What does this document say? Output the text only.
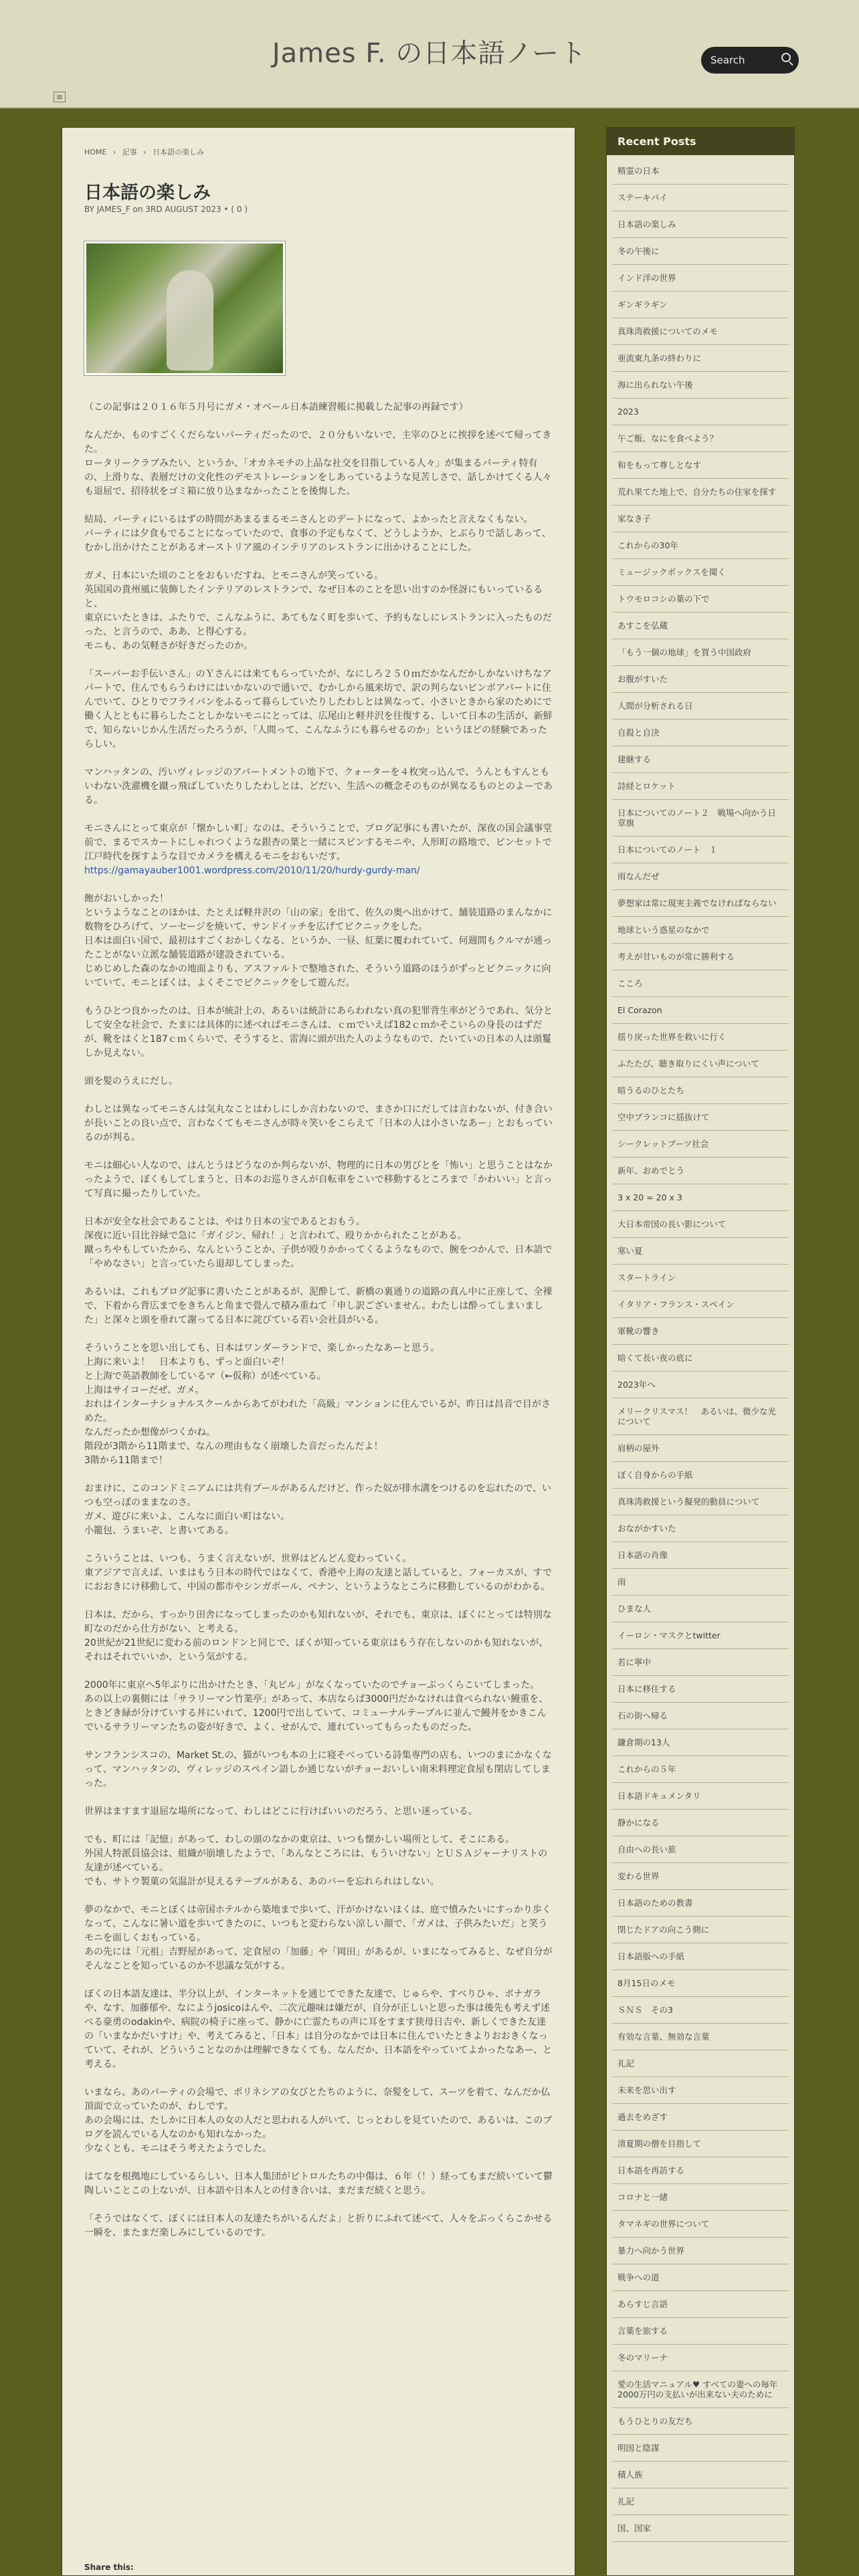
James F. の日本語ノート	Search
≡
HOME › 記事 › 日本語の楽しみ
日本語の楽しみ
BY JAMES_F on 3RD AUGUST 2023 • ( 0 )

（この記事は２０１６年５月号にガメ・オベール日本語練習帳に掲載した記事の再録です）

なんだか、ものすごくくだらないパーティだったので、２０分もいないで、主宰のひとに挨拶を述べて帰ってきた。
ロータリークラブみたい、というか、「オカネモチの上品な社交を目指している人々」が集まるパーティ特有の、上滑りな、表層だけの文化性のデモストレーションをしあっているような見苦しさで、話しかけてくる人々も退屈で、招待状をゴミ箱に放り込まなかったことを後悔した。

結局、パーティにいるはずの時間があまるまるモニさんとのデートになって、よかったと言えなくもない。
パーティには夕食もでることになっていたので、食事の予定もなくて、どうしようか、とぶらりで話しあって、むかし出かけたことがあるオーストリア風のインテリアのレストランに出かけることにした。

ガメ、日本にいた頃のことをおもいだすね、とモニさんが笑っている。
英国国の貴州風に装飾したインテリアのレストランで、なぜ日本のことを思い出すのか怪訝にもいっているると、
東京にいたときは、ふたりで、こんなふうに、あてもなく町を歩いて、予約もなしにレストランに入ったものだった、と言うので、ああ、と得心する。
モニも、あの気軽さが好きだったのか。

「スーパーお手伝いさん」のＹさんには来てもらっていたが、なにしろ２５０ｍだかなんだかしかないけちなアパートで、住んでもらうわけにはいかないので通いで、むかしから風来坊で、訳の判らないビンボアパートに住んでいて、ひとりでフライパンをふるって暮らしていたりしたわしとは異なって、小さいときから家のためにで働く人とともに暮らしたことしかないモニにとっては、広尾山と軽井沢を往復する、しいて日本の生活が、新鮮で、知らないじかん生活だったろうが、「人間って、こんなふうにも暮らせるのか」というほどの経験であったらしい。

マンハッタンの、汚いヴィレッジのアパートメントの地下で、クォーターを４枚突っ込んで、うんともすんともいわない洗濯機を蹴っ飛ばしていたりしたわしとは、どだい、生活への概念そのものが異なるものとのよーである。

モニさんにとって東京が「懐かしい町」なのは、そういうことで、ブログ記事にも書いたが、深夜の国会議事堂前で、まるでスカートにしゃれつくような銀杏の葉と一緒にスピンするモニや、人形町の路地で、ピンセットで江戸時代を探すような目でカメラを構えるモニをおもいだす。
https://gamayauber1001.wordpress.com/2010/11/20/hurdy-gurdy-man/

飽がおいしかった！
というようなことのほかは、たとえば軽井沢の「山の家」を出て、佐久の奥へ出かけて、舗装道路のまんなかに数物をひろげて、ソーセージを焼いて、サンドイッチを広げてピクニックをした。
日本は面白い国で、最初はすごくおかしくなる、というか、一昼、紅葉に覆われていて、何週間もクルマが通ったことがない立派な舗装道路が建設されている。
じめじめした森のなかの地面よりも、アスファルトで整地された、そういう道路のほうがずっとピクニックに向いていて、モニとぼくは、よくそこでピクニックをして遊んだ。

もうひとつ良かったのは、日本が統計上の、あるいは統計にあらわれない真の犯罪背生率がどうであれ、気分として安全な社会で、たまには具体的に述べればモニさんは、ｃｍでいえば182ｃｍかそこいらの身長のはずだが、靴をはくと187ｃｍくらいで、そうすると、雷海に頭が出た人のようなもので、たいていの日本の人は頭鬘しか見えない。

頭を髪のうえにだし。

わしとは異なってモニさんは気丸なことはわしにしか言わないので、まさか口にだしては言わないが、付き合いが長いことの良い点で、言わなくてもモニさんが時々笑いをこらえて「日本の人は小さいなあー」とおもっているのが判る。

モニは細心い人なので、はんとうはどうなのか判らないが、物理的に日本の男びとを「怖い」と思うことはなかったようで、ぼくもしてしまうと、日本のお巡りさんが自転車をこいで移動するところまで「かわいい」と言って写真に撮ったりしていた。

日本が安全な社会であることは、やはり日本の宝であるとおもう。
深夜に近い目比谷緑で急に「ガイジン、帰れ！」と言われて、殴りかかられたことがある。
蹴っちやもしていたから、なんということか、子供が殴りかかってくるようなもので、腕をつかんで、日本語で「やめなさい」と言っていたら退却してしまった。

あるいは、これもブログ記事に書いたことがあるが、泥酔して、新橋の裏通りの道路の真ん中に正座して、全裸で、下着から背広までをきちんと角まで畳んで積み重ねて「申し訳ございません。わたしは酔ってしまいました」と深々と頭を垂れて謝ってる日本に詫びている若い会社員がいる。

そういうことを思い出しても、日本はワンダーランドで、楽しかったなあーと思う。
上海に来いよ！　日本よりも、ずっと面白いぞ！
と上海で英語教師をしているマ（←仮称）が述べている。
上海はサイコーだぜ、ガメ。
おれはインターナショナルスクールからあてがわれた「高級」マンションに住んでいるが、昨日は昌音で目がさめた。
なんだったか想像がつくかね。
階段が3階から11階まで、なんの理由もなく崩壊した音だったんだよ！
3階から11階まで！

おまけに、このコンドミニアムには共有プールがあるんだけど、作った奴が排水溝をつけるのを忘れたので、いつも空っぽのままなのさ。
ガメ、遊びに来いよ、こんなに面白い町はない。
小籠包、うまいぞ、と書いてある。

こういうことは、いつも、うまく言えないが、世界はどんどん変わっていく。
東アジアで言えば、いまはもう日本の時代ではなくて、香港や上海の友達と話していると、フォーカスが、すでにおおきにけ移動して、中国の都市やシンガポール、ペナン、というようなところに移動しているのがわかる。

日本は、だから、すっかり田舎になってしまったのかも知れないが、それでも、東京は、ぼくにとっては特別な町なのだから仕方がない、と考える。
20世紀が21世紀に変わる前のロンドンと同じで、ぼくが知っている東京はもう存在しないのかも知れないが、それはそれでいいか、という気がする。

2000年に東京へ5年ぶりに出かけたとき、「丸ビル」がなくなっていたのでチョーぶっくらこいてしまった。
あの以上の裏側には「サラリーマン竹業亭」があって、本店ならば3000円だかなけれは食べられない鰻重を、ときどき緑が分けていする丼にいれて、1200円で出していて、コミューナルテーブルに並んで鰻丼をかきこんでいるサラリーマンたちの姿が好きで、よく、せがんで、連れていってもらったものだった。

サンフランシスコの、Market St.の、猫がいつも本の上に寝そべっている詩集専門の店も、いつのまにかなくなって、マンハッタンの、ヴィレッジのスペイン語しか通じないがチョーおいしい南米料理定食屋も閉店してしまった。

世界はますます退屈な場所になって、わしはどこに行けばいいのだろう、と思い迷っている。

でも、町には「記憶」があって、わしの頭のなかの東京は、いつも懐かしい場所として、そこにある。
外国人特派員協会は、組織が崩壊したようで、「あんなところには、もういけない」とＵＳＡジャーナリストの友達が述べている。
でも、サトウ製菓の気温計が見えるテーブルがある、あのバーを忘れられはしない。

夢のなかで、モニとぼくは帝国ホテルから築地まで歩いて、汗がかけないほくは、庭で憤みたいにすっかり歩くなって、こんなに暑い道を歩いてきたのに、いつもと変わらない涼しい顔で、「ガメは、子供みたいだ」と笑うモニを面しくおもっている。
あの先には「元祖」吉野屋があって、定食屋の「加藤」や「岡田」があるが、いまになってみると、なぜ自分がそんなことを知っているのか不思議な気がする。

ぼくの日本語友達は、半分以上が、インターネットを通じてできた友達で、じゅらや、すべりひゃ、ボナガラや、なす、加藤郁や、なにようjosicoはんや、二次元趣味は嫌だが、自分が正しいと思った事は後先も考えず述べる豪勇のodakinや、病院の椅子に座って、静かに亡霊たちの声に耳をすます狭母日吉や、新しくできた友達の「いまなかだいすけ」や、考えてみると、「日本」は自分のなかでは日本に住んでいたときよりおおきくなっていて、それが、どういうことなのかは理解できなくても、なんだか、日本語をやっていてよかったなあー、と考える。

いまなら、あのパーティの会場で、ポリネシアの女びとたちのように、奈髪をして、スーツを着て、なんだか仏頂面で立っていたのが、わしです。
あの会場には、たしかに日本人の女の人だと思われる人がいて、じっとわしを見ていたので、あるいは、このブログを読んでいる人なのかも知れなかった。
少なくとも、モニはそう考えたようでした。

はてなを根拠地にしているらしい、日本人集団がピトロルたちの中傷は、６年（！）経ってもまだ続いていて鬱陶しいことこの上ないが、日本語や日本人との付き合いは、まだまだ続くと思う。

「そうではなくて、ぼくには日本人の友達たちがいるんだよ」と折りにふれて述べて、人々をぶっくらこかせる一瞬を、またまだ楽しみにしているのです。

Share this:
Recent Posts
精霊の日本
ステーキパイ
日本語の楽しみ
冬の午後に
インド洋の世界
ギンギラギン
真珠湾救援についてのメモ
亜流東九条の終わりに
海に出られない午後
2023
午ご飯、なにを食べよう？
和をもって尊しとなす
荒れ果てた地上で、自分たちの住家を探す
家なき子
これからの30年
ミュージックボックスを聞く
トウモロコシの葉の下で
あすこを弘蔵
「もう一個の地球」を買う中国政府
お腹がすいた
人間が分析される日
自殺と自決
建継する
詩経とロケット
日本についてのノート２　戦場へ向かう日章旗
日本についてのノート　１
雨なんだぜ
夢想家は常に現実主義でなければならない
地球という惑星のなかで
考えが甘いものが常に勝利する
こころ
El Corazon
揺り戻った世界を救いに行く
ふたたび、聴き取りにくい声について
暗うるのひとたち
空中ブランコに揺抜けて
シークレットブーツ社会
新年、おめでとう
3 x 20 = 20 x 3
大日本帝国の長い影について
寒い夏
スタートライン
イタリア・フランス・スペイン
軍靴の響き
暗くて長い夜の底に
2023年へ
メリークリスマス！　あるいは、微少な光について
肩柄の屋外
ぼく自身からの手紙
真珠湾救援という擬発的動員について
おながかすいた
日本語の肖像
雨
ひまな人
イーロン・マスクとtwitter
若に寧中
日本に移住する
石の街へ帰る
鎌倉期の13人
これからの５年
日本語ドキュメンタリ
静かになる
自由への長い旅
変わる世界
日本語のための教書
閉じたドアの向こう側に
日本語版への手紙
8月15日のメモ
ＳＮＳ　その3
有効な言葉、無効な言葉
礼記
未来を思い出す
過去をめざす
清夏期の僧を目指して
日本語を再訪する
コロナと一緒
タマネギの世界について
暴力へ向かう世界
戦争への道
あらすじ言語
言葉を旅する
冬のマリーナ
愛の生活マニュアル♥ すべての妻への毎年2000万円の支払いが出来ない夫のために
もうひとりの友だち
明国と陰謀
積人族
礼記
国、国家
